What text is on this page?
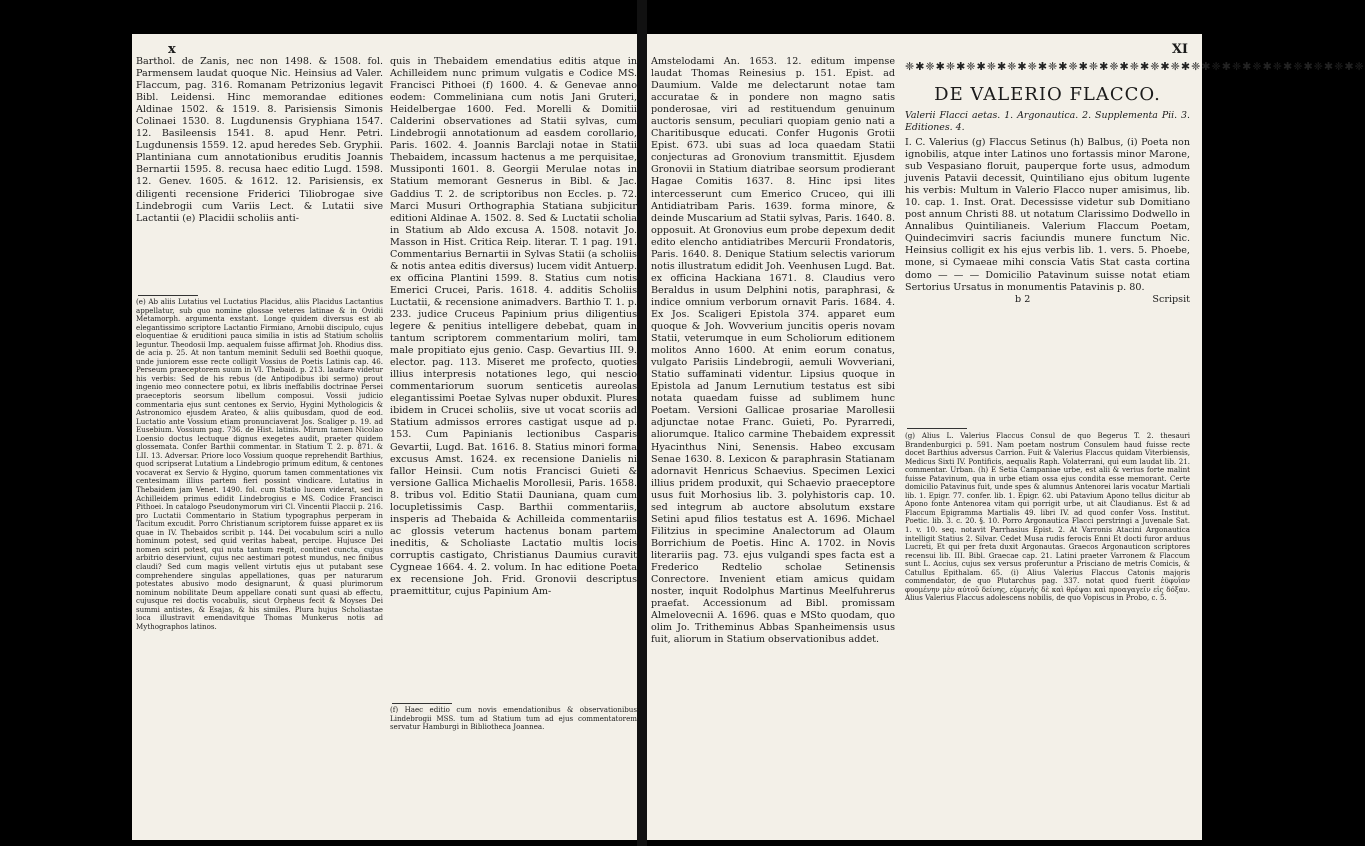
x
Barthol. de Zanis, nec non 1498. & 1508. fol. Parmensem laudat quoque Nic. Heinsius ad Valer. Flaccum, pag. 316. Romanam Petrizonius legavit Bibl. Leidensi. Hinc memorandae editiones Aldinae 1502. & 1519. 8. Parisiensis Simonis Colinaei 1530. 8. Lugdunensis Gryphiana 1547. 12. Basileensis 1541. 8. apud Henr. Petri. Lugdunensis 1559. 12. apud heredes Seb. Gryphii. Plantiniana cum annotationibus eruditis Joannis Bernartii 1595. 8. recusa haec editio Lugd. 1598. 12. Genev. 1605. & 1612. 12. Parisiensis, ex diligenti recensione Friderici Tiliobrogae sive Lindebrogii cum Variis Lect. & Lutatii sive Lactantii (e) Placidii scholiis anti-
(e) Ab aliis Lutatius vel Luctatius Placidus, aliis Placidus Lactantius appellatur, sub quo nomine glossae veteres latinae & in Ovidii Metamorph. argumenta exstant. Longe quidem diversus est ab elegantissimo scriptore Lactantio Firmiano, Arnobii discipulo, cujus eloquentiae & eruditioni pauca similia in istis ad Statium scholiis leguntur. Theodosii Imp. aequalem fuisse affirmat Joh. Rhodius diss. de acia p. 25. At non tantum meminit Sedulii sed Boethii quoque, unde juniorem esse recte colligit Vossius de Poetis Latinis cap. 46. Perseum praeceptorem suum in VI. Thebaid. p. 213. laudare videtur his verbis: Sed de his rebus (de Antipodibus ibi sermo) prout ingenio meo connectere potui, ex libris ineffabilis doctrinae Persei praeceptoris seorsum libellum composui. Vossii judicio commentaria ejus sunt centones ex Servio, Hygini Mythologicis & Astronomico ejusdem Arateo, & aliis quibusdam, quod de eod. Luctatio ante Vossium etiam pronunciaverat Jos. Scaliger p. 19. ad Eusebium. Vossium pag. 736. de Hist. latinis. Mirum tamen Nicolao Loensio doctus lectuque dignus exegetes audit, praeter quidem glossemata. Confer Barthii commentar. in Statium T. 2. p. 871. & LII. 13. Adversar. Priore loco Vossium quoque reprehendit Barthius, quod scripserat Lutatium a Lindebrogio primum editum, & centones vocaverat ex Servio & Hygino, quorum tamen commentationes vix centesimam illius partem fieri possint vindicare. Lutatius in Thebaidem jam Venet. 1490. fol. cum Statio lucem viderat, sed in Achilleidem primus edidit Lindebrogius e MS. Codice Francisci Pithoei. In catalogo Pseudonymorum viri Cl. Vincentii Placcii p. 216. pro Luctatii Commentario in Statium typographus perperam in Tacitum excudit. Porro Christianum scriptorem fuisse apparet ex iis quae in IV. Thebaidos scribit p. 144. Dei vocabulum sciri a nullo hominum potest, sed quid veritas habeat, percipe. Hujusce Dei nomen sciri potest, qui nuta tantum regit, continet cuncta, cujus arbitrio deserviunt, cujus nec aestimari potest mundus, nec finibus claudi? Sed cum magis vellent virtutis ejus ut putabant sese comprehendere singulas appellationes, quas per naturarum potestates abusivo modo designarunt, & quasi plurimorum nominum nobilitate Deum appellare conati sunt quasi ab effectu, cujusque rei doctis vocabulis, sicut Orpheus fecit & Moyses Dei summi antistes, & Esajas, & his similes. Plura hujus Scholiastae loca illustravit emendavitque Thomas Munkerus notis ad Mythographos latinos.
quis in Thebaidem emendatius editis atque in Achilleidem nunc primum vulgatis e Codice MS. Francisci Pithoei (f) 1600. 4. & Genevae anno eodem: Commeliniana cum notis Jani Gruteri, Heidelbergae 1600. Fed. Morelli & Domitii Calderini observationes ad Statii sylvas, cum Lindebrogii annotationum ad easdem corollario, Paris. 1602. 4. Joannis Barclaji notae in Statii Thebaidem, incassum hactenus a me perquisitae, Mussiponti 1601. 8. Georgii Merulae notas in Statium memorant Gesnerus in Bibl. & Jac. Gaddius T. 2. de scriptoribus non Eccles. p. 72. Marci Musuri Orthographia Statiana subjicitur editioni Aldinae A. 1502. 8. Sed & Luctatii scholia in Statium ab Aldo excusa A. 1508. notavit Jo. Masson in Hist. Critica Reip. literar. T. 1 pag. 191. Commentarius Bernartii in Sylvas Statii (a scholiis & notis antea editis diversus) lucem vidit Antuerp. ex officina Plantini 1599. 8. Statius cum notis Emerici Crucei, Paris. 1618. 4. additis Scholiis Luctatii, & recensione animadvers. Barthio T. 1. p. 233. judice Cruceus Papinium prius diligentius legere & penitius intelligere debebat, quam in tantum scriptorem commentarium moliri, tam male propitiato ejus genio. Casp. Gevartius III. 9. elector. pag. 113. Miseret me profecto, quoties illius interpresis notationes lego, qui nescio commentariorum suorum senticetis aureolas elegantissimi Poetae Sylvas nuper obduxit. Plures ibidem in Crucei scholiis, sive ut vocat scoriis ad Statium admissos errores castigat usque ad p. 153. Cum Papinianis lectionibus Casparis Gevartii, Lugd. Bat. 1616. 8. Statius minori forma excusus Amst. 1624. ex recensione Danielis ni fallor Heinsii. Cum notis Francisci Guieti & versione Gallica Michaelis Morollesii, Paris. 1658. 8. tribus vol. Editio Statii Dauniana, quam cum locupletissimis Casp. Barthii commentariis, insperis ad Thebaida & Achilleida commentariis ac glossis veterum hactenus bonam partem ineditis, & Scholiaste Lactatio multis locis corruptis castigato, Christianus Daumius curavit Cygneae 1664. 4. 2. volum. In hac editione Poeta ex recensione Joh. Frid. Gronovii descriptus praemittitur, cujus Papinium Am-
(f) Haec editio cum novis emendationibus & observationibus Lindebrogii MSS. tum ad Statium tum ad ejus commentatorem servatur Hamburgi in Bibliotheca Joannea.
XI
Amstelodami An. 1653. 12. editum impense laudat Thomas Reinesius p. 151. Epist. ad Daumium. Valde me delectarunt notae tam accuratae & in pondere non magno satis ponderosae, viri ad restituendum genuinum auctoris sensum, peculiari quopiam genio nati a Charitibusque educati. Confer Hugonis Grotii Epist. 673. ubi suas ad loca quaedam Statii conjecturas ad Gronovium transmittit. Ejusdem Gronovii in Statium diatribae seorsum prodierant Hagae Comitis 1637. 8. Hinc ipsi lites intercesserunt cum Emerico Cruceo, qui illi Antidiatribam Paris. 1639. forma minore, & deinde Muscarium ad Statii sylvas, Paris. 1640. 8. opposuit. At Gronovius eum probe depexum dedit edito elencho antidiatribes Mercurii Frondatoris, Paris. 1640. 8. Denique Statium selectis variorum notis illustratum edidit Joh. Veenhusen Lugd. Bat. ex officina Hackiana 1671. 8. Claudius vero Beraldus in usum Delphini notis, paraphrasi, & indice omnium verborum ornavit Paris. 1684. 4. Ex Jos. Scaligeri Epistola 374. apparet eum quoque & Joh. Wovverium juncitis operis novam Statii, veterumque in eum Scholiorum editionem molitos Anno 1600. At enim eorum conatus, vulgato Parisiis Lindebrogii, aemuli Wovveriani, Statio suffaminati videntur. Lipsius quoque in Epistola ad Janum Lernutium testatus est sibi notata quaedam fuisse ad sublimem hunc Poetam. Versioni Gallicae prosariae Marollesii adjunctae notae Franc. Guieti, Po. Pyrarredi, aliorumque. Italico carmine Thebaidem expressit Hyacinthus Nini, Senensis. Habeo excusam Senae 1630. 8. Lexicon & paraphrasin Statianam adornavit Henricus Schaevius. Specimen Lexici illius pridem produxit, qui Schaevio praeceptore usus fuit Morhosius lib. 3. polyhistoris cap. 10. sed integrum ab auctore absolutum exstare Setini apud filios testatus est A. 1696. Michael Filitzius in specimine Analectorum ad Olaum Borrichium de Poetis. Hinc A. 1702. in Novis literariis pag. 73. ejus vulgandi spes facta est a Frederico Redtelio scholae Setinensis Conrectore. Invenient etiam amicus quidam noster, inquit Rodolphus Martinus Meelfuhrerus praefat. Accessionum ad Bibl. promissam Almelovecnii A. 1696. quas e MSto quodam, quo olim Jo. Tritheminus Abbas Spanheimensis usus fuit, aliorum in Statium observationibus addet.
❈✱❈✱❈✱❈✱❈✱❈✱❈✱❈✱❈✱❈✱❈✱❈✱❈✱❈✱❈✱❈✱❈✱❈✱❈✱❈✱❈✱❈✱❈
DE VALERIO FLACCO.
Valerii Flacci aetas. 1. Argonautica. 2. Supplementa Pii. 3. Editiones. 4.

I. C. Valerius (g) Flaccus Setinus (h) Balbus, (i) Poeta non ignobilis, atque inter Latinos uno fortassis minor Marone, sub Vespasiano floruit, pauperque forte usus, admodum juvenis Patavii decessit, Quintiliano ejus obitum lugente his verbis: Multum in Valerio Flacco nuper amisimus, lib. 10. cap. 1. Inst. Orat. Decessisse videtur sub Domitiano post annum Christi 88. ut notatum Clarissimo Dodwello in Annalibus Quintilianeis. Valerium Flaccum Poetam, Quindecimviri sacris faciundis munere functum Nic. Heinsius colligit ex his ejus verbis lib. 1. vers. 5. Phoebe, mone, si Cymaeae mihi conscia Vatis Stat casta cortina domo — — — Domicilio Patavinum suisse notat etiam Sertorius Ursatus in monumentis Patavinis p. 80.

b 2	Scripsit
(g) Alius L. Valerius Flaccus Consul de quo Begerus T. 2. thesauri Brandenburgici p. 591. Nam poetam nostrum Consulem haud fuisse recte docet Barthius adversus Carrion. Fuit & Valerius Flaccus quidam Viterbiensis, Medicus Sixti IV. Pontificis, aequalis Raph. Volaterrani, qui eum laudat lib. 21. commentar. Urban. (h) E Setia Campaniae urbe, est alii & verius forte malint fuisse Patavinum, qua in urbe etiam ossa ejus condita esse memorant. Certe domicilio Patavinus fuit, unde spes & alumnus Antenorei laris vocatur Martiali lib. 1. Epigr. 77. confer. lib. 1. Epigr. 62. ubi Patavium Apono tellus dicitur ab Apono fonte Antenorea vitam qui porrigit urbe, ut ait Claudianus. Est & ad Flaccum Epigramma Martialis 49. libri IV. ad quod confer Voss. Institut. Poetic. lib. 3. c. 20. §. 10. Porro Argonautica Flacci perstringi a Juvenale Sat. 1. v. 10. seq. notavit Parrhasius Epist. 2. At Varronis Atacini Argonautica intelligit Statius 2. Silvar. Cedet Musa rudis ferocis Enni Et docti furor arduus Lucreti, Et qui per freta duxit Argonautas. Graecos Argonauticon scriptores recensui lib. III. Bibl. Graecae cap. 21. Latini praeter Varronem & Flaccum sunt L. Accius, cujus sex versus proferuntur a Prisciano de metris Comicis, & Catullus Epithalam. 65. (i) Alius Valerius Flaccus Catonis majoris commendator, de quo Plutarchus pag. 337. notat quod fuerit ἐϋφυΐαν φυομένην μὲν αὐτοῦ δείνης, εὐμενὴς δὲ καὶ θρέψαι καὶ προαγαγεῖν εἰς δόξαν. Alius Valerius Flaccus adolescens nobilis, de quo Vopiscus in Probo, c. 5.
